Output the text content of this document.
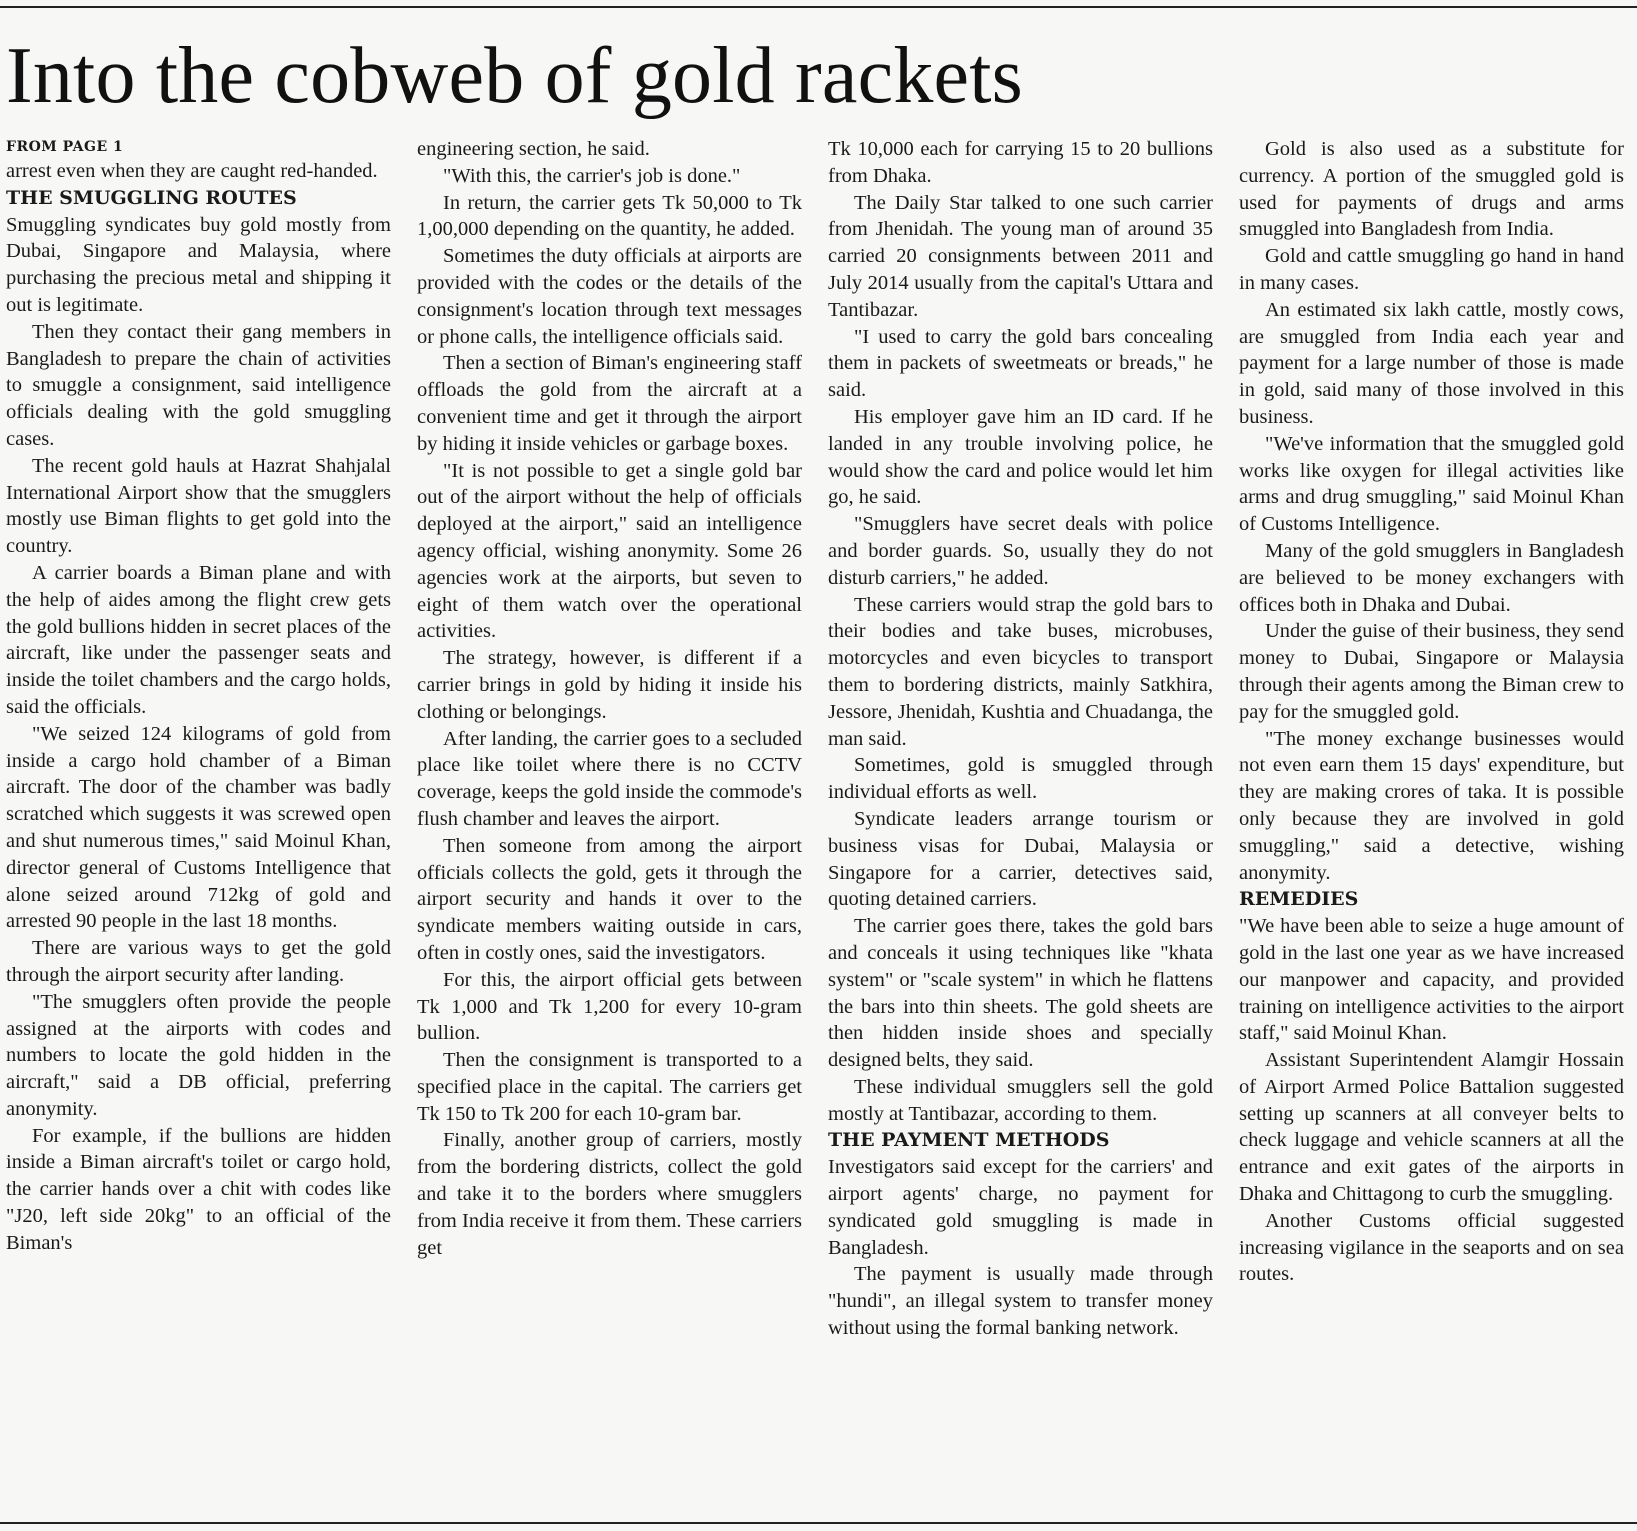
Into the cobweb of gold rackets

FROM PAGE 1

arrest even when they are caught red-handed.

THE SMUGGLING ROUTES

Smuggling syndicates buy gold mostly from Dubai, Singapore and Malaysia, where purchasing the precious metal and shipping it out is legitimate.

Then they contact their gang members in Bangladesh to prepare the chain of activities to smuggle a consignment, said intelligence officials dealing with the gold smuggling cases.

The recent gold hauls at Hazrat Shahjalal International Airport show that the smugglers mostly use Biman flights to get gold into the country.

A carrier boards a Biman plane and with the help of aides among the flight crew gets the gold bullions hidden in secret places of the aircraft, like under the passenger seats and inside the toilet chambers and the cargo holds, said the officials.

"We seized 124 kilograms of gold from inside a cargo hold chamber of a Biman aircraft. The door of the chamber was badly scratched which suggests it was screwed open and shut numerous times," said Moinul Khan, director general of Customs Intelligence that alone seized around 712kg of gold and arrested 90 people in the last 18 months.

There are various ways to get the gold through the airport security after landing.

"The smugglers often provide the people assigned at the airports with codes and numbers to locate the gold hidden in the aircraft," said a DB official, preferring anonymity.

For example, if the bullions are hidden inside a Biman aircraft's toilet or cargo hold, the carrier hands over a chit with codes like "J20, left side 20kg" to an official of the Biman's

engineering section, he said.

"With this, the carrier's job is done."

In return, the carrier gets Tk 50,000 to Tk 1,00,000 depending on the quantity, he added.

Sometimes the duty officials at airports are provided with the codes or the details of the consignment's location through text messages or phone calls, the intelligence officials said.

Then a section of Biman's engineering staff offloads the gold from the aircraft at a convenient time and get it through the airport by hiding it inside vehicles or garbage boxes.

"It is not possible to get a single gold bar out of the airport without the help of officials deployed at the airport," said an intelligence agency official, wishing anonymity. Some 26 agencies work at the airports, but seven to eight of them watch over the operational activities.

The strategy, however, is different if a carrier brings in gold by hiding it inside his clothing or belongings.

After landing, the carrier goes to a secluded place like toilet where there is no CCTV coverage, keeps the gold inside the commode's flush chamber and leaves the airport.

Then someone from among the airport officials collects the gold, gets it through the airport security and hands it over to the syndicate members waiting outside in cars, often in costly ones, said the investigators.

For this, the airport official gets between Tk 1,000 and Tk 1,200 for every 10-gram bullion.

Then the consignment is transported to a specified place in the capital. The carriers get Tk 150 to Tk 200 for each 10-gram bar.

Finally, another group of carriers, mostly from the bordering districts, collect the gold and take it to the borders where smugglers from India receive it from them. These carriers get

Tk 10,000 each for carrying 15 to 20 bullions from Dhaka.

The Daily Star talked to one such carrier from Jhenidah. The young man of around 35 carried 20 consignments between 2011 and July 2014 usually from the capital's Uttara and Tantibazar.

"I used to carry the gold bars concealing them in packets of sweetmeats or breads," he said.

His employer gave him an ID card. If he landed in any trouble involving police, he would show the card and police would let him go, he said.

"Smugglers have secret deals with police and border guards. So, usually they do not disturb carriers," he added.

These carriers would strap the gold bars to their bodies and take buses, microbuses, motorcycles and even bicycles to transport them to bordering districts, mainly Satkhira, Jessore, Jhenidah, Kushtia and Chuadanga, the man said.

Sometimes, gold is smuggled through individual efforts as well.

Syndicate leaders arrange tourism or business visas for Dubai, Malaysia or Singapore for a carrier, detectives said, quoting detained carriers.

The carrier goes there, takes the gold bars and conceals it using techniques like "khata system" or "scale system" in which he flattens the bars into thin sheets. The gold sheets are then hidden inside shoes and specially designed belts, they said.

These individual smugglers sell the gold mostly at Tantibazar, according to them.

THE PAYMENT METHODS

Investigators said except for the carriers' and airport agents' charge, no payment for syndicated gold smuggling is made in Bangladesh.

The payment is usually made through "hundi", an illegal system to transfer money without using the formal banking network.

Gold is also used as a substitute for currency. A portion of the smuggled gold is used for payments of drugs and arms smuggled into Bangladesh from India.

Gold and cattle smuggling go hand in hand in many cases.

An estimated six lakh cattle, mostly cows, are smuggled from India each year and payment for a large number of those is made in gold, said many of those involved in this business.

"We've information that the smuggled gold works like oxygen for illegal activities like arms and drug smuggling," said Moinul Khan of Customs Intelligence.

Many of the gold smugglers in Bangladesh are believed to be money exchangers with offices both in Dhaka and Dubai.

Under the guise of their business, they send money to Dubai, Singapore or Malaysia through their agents among the Biman crew to pay for the smuggled gold.

"The money exchange businesses would not even earn them 15 days' expenditure, but they are making crores of taka. It is possible only because they are involved in gold smuggling," said a detective, wishing anonymity.

REMEDIES

"We have been able to seize a huge amount of gold in the last one year as we have increased our manpower and capacity, and provided training on intelligence activities to the airport staff," said Moinul Khan.

Assistant Superintendent Alamgir Hossain of Airport Armed Police Battalion suggested setting up scanners at all conveyer belts to check luggage and vehicle scanners at all the entrance and exit gates of the airports in Dhaka and Chittagong to curb the smuggling.

Another Customs official suggested increasing vigilance in the seaports and on sea routes.
